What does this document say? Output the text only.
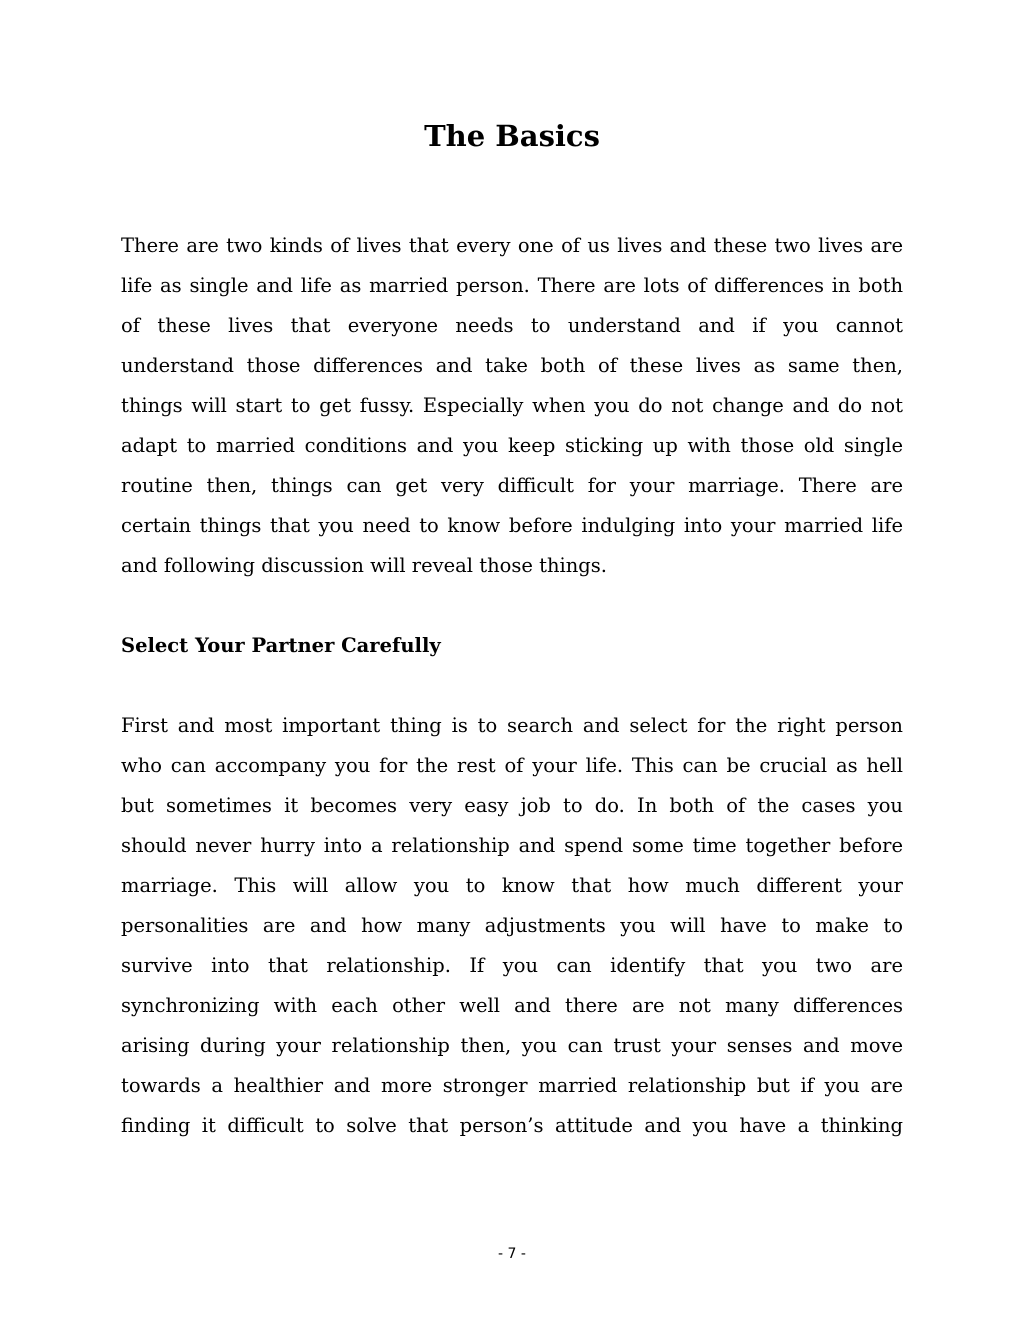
The Basics
There are two kinds of lives that every one of us lives and these two lives are
life as single and life as married person. There are lots of differences in both
of these lives that everyone needs to understand and if you cannot
understand those differences and take both of these lives as same then,
things will start to get fussy. Especially when you do not change and do not
adapt to married conditions and you keep sticking up with those old single
routine then, things can get very difficult for your marriage. There are
certain things that you need to know before indulging into your married life
and following discussion will reveal those things.
Select Your Partner Carefully
First and most important thing is to search and select for the right person
who can accompany you for the rest of your life. This can be crucial as hell
but sometimes it becomes very easy job to do. In both of the cases you
should never hurry into a relationship and spend some time together before
marriage. This will allow you to know that how much different your
personalities are and how many adjustments you will have to make to
survive into that relationship. If you can identify that you two are
synchronizing with each other well and there are not many differences
arising during your relationship then, you can trust your senses and move
towards a healthier and more stronger married relationship but if you are
finding it difficult to solve that person’s attitude and you have a thinking
- 7 -
